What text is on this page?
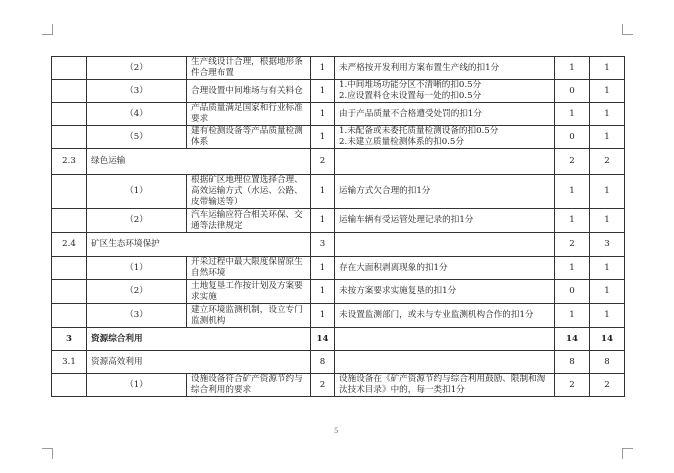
	（2）	生产线设计合理，根据地形条件合理布置	1	未严格按开发利用方案布置生产线的扣1分	1	1
	（3）	合理设置中间堆场与有关料仓	1	1.中间堆场功能分区不清晰的扣0.5分
2.应设置料仓未设置每一处的扣0.5分	0	1
	（4）	产品质量满足国家和行业标准要求	1	由于产品质量不合格遭受处罚的扣1分	1	1
	（5）	建有检测设备等产品质量检测体系	1	1.未配备或未委托质量检测设备的扣0.5分
2.未建立质量检测体系的扣0.5分	0	1
2.3	绿色运输		2		2	2
	（1）	根据矿区地理位置选择合理、高效运输方式（水运、公路、皮带输送等）	1	运输方式欠合理的扣1分	1	1
	（2）	汽车运输应符合相关环保、交通等法律规定	1	运输车辆有受运管处理记录的扣1分	1	1
2.4	矿区生态环境保护		3		2	3
	（1）	开采过程中最大限度保留原生自然环境	1	存在大面积剥离现象的扣1分	1	1
	（2）	土地复垦工作按计划及方案要求实施	1	未按方案要求实施复垦的扣1分	0	1
	（3）	建立环境监测机制，设立专门监测机构	1	未设置监测部门，或未与专业监测机构合作的扣1分	1	1
3	资源综合利用		14		14	14
3.1	资源高效利用		8		8	8
	（1）	设施设备符合矿产资源节约与综合利用的要求	2	设施设备在《矿产资源节约与综合利用鼓励、限制和淘汰技术目录》中的，每一类扣1分	2	2
5
